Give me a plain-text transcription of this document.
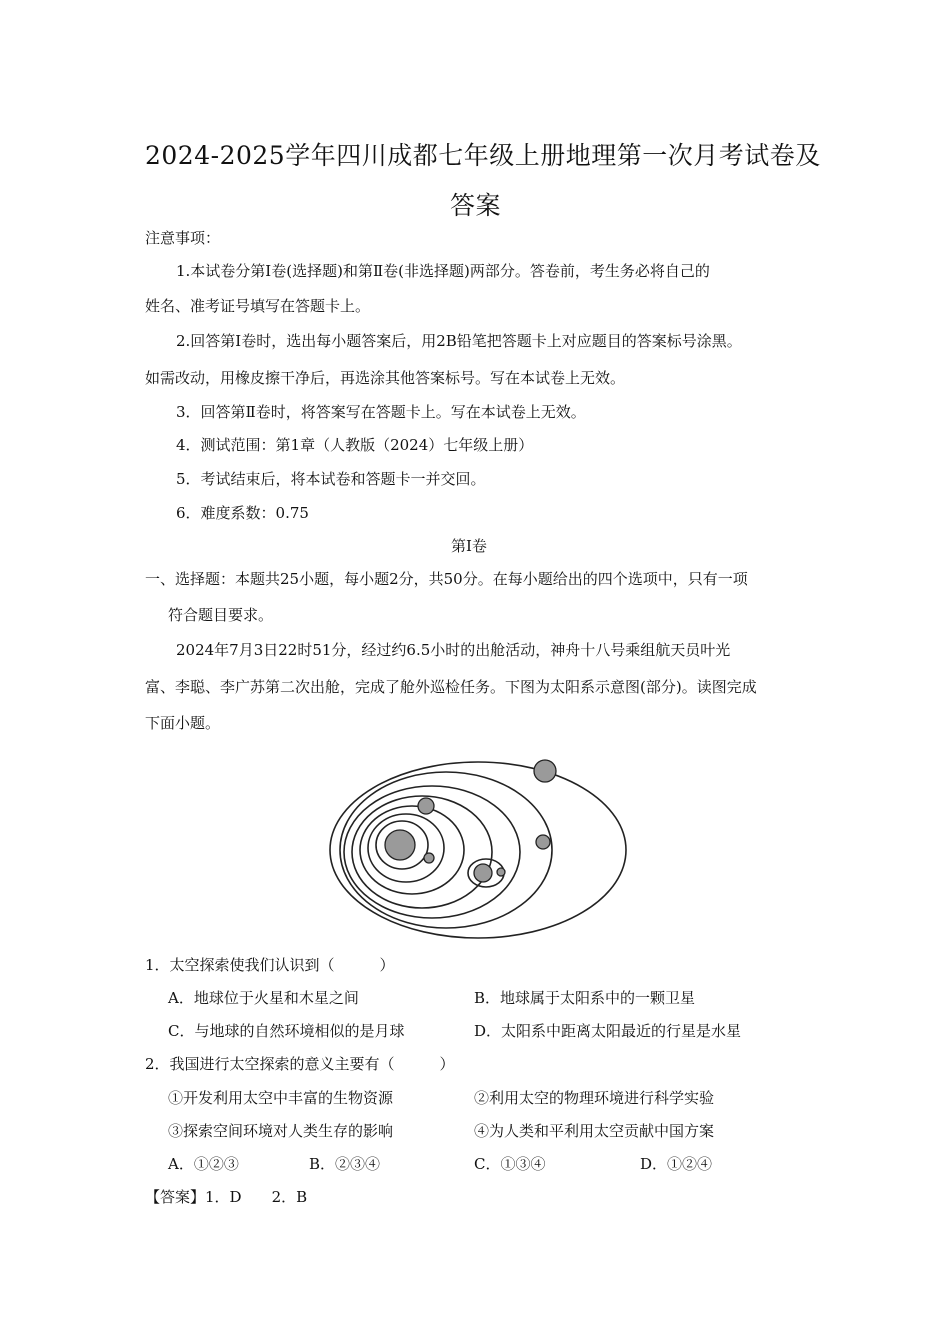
2024-2025学年四川成都七年级上册地理第一次月考试卷及
答案
注意事项：
1.本试卷分第Ⅰ卷(选择题)和第Ⅱ卷(非选择题)两部分。答卷前，考生务必将自己的
姓名、准考证号填写在答题卡上。
2.回答第Ⅰ卷时，选出每小题答案后，用2B铅笔把答题卡上对应题目的答案标号涂黑。
如需改动，用橡皮擦干净后，再选涂其他答案标号。写在本试卷上无效。
3．回答第Ⅱ卷时，将答案写在答题卡上。写在本试卷上无效。
4．测试范围：第1章（人教版（2024）七年级上册）
5．考试结束后，将本试卷和答题卡一并交回。
6．难度系数：0.75
第Ⅰ卷
一、选择题：本题共25小题，每小题2分，共50分。在每小题给出的四个选项中，只有一项
符合题目要求。
2024年7月3日22时51分，经过约6.5小时的出舱活动，神舟十八号乘组航天员叶光
富、李聪、李广苏第二次出舱，完成了舱外巡检任务。下图为太阳系示意图(部分)。读图完成
下面小题。
1．太空探索使我们认识到（　　　）
A．地球位于火星和木星之间	B．地球属于太阳系中的一颗卫星
C．与地球的自然环境相似的是月球	D．太阳系中距离太阳最近的行星是水星
2．我国进行太空探索的意义主要有（　　　）
①开发利用太空中丰富的生物资源	②利用太空的物理环境进行科学实验
③探索空间环境对人类生存的影响	④为人类和平利用太空贡献中国方案
A．①②③	B．②③④	C．①③④	D．①②④
【答案】1．D　　2．B
